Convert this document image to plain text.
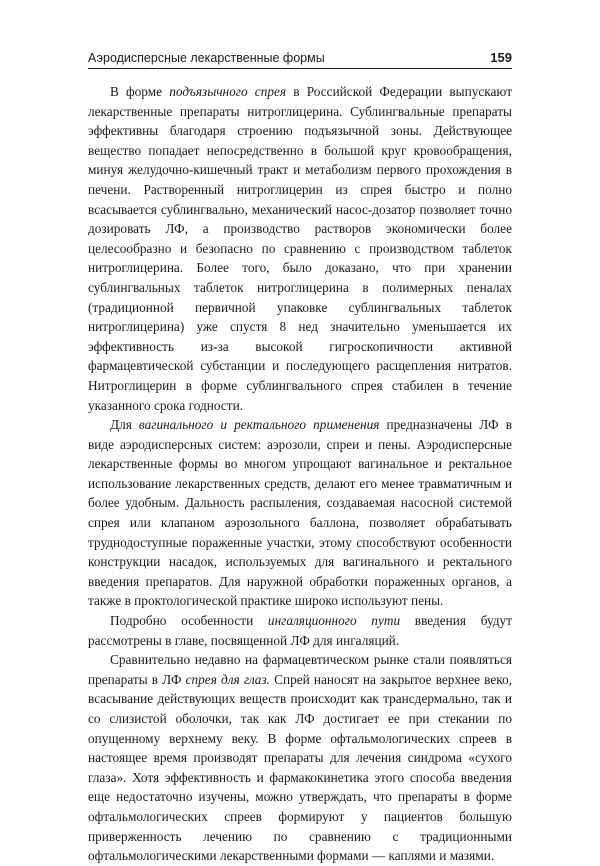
Аэродисперсные лекарственные формы	159

В форме подъязычного спрея в Российской Федерации выпускают лекарственные препараты нитроглицерина. Сублингвальные препараты эффективны благодаря строению подъязычной зоны. Действующее вещество попадает непосредственно в большой круг кровообращения, минуя желудочно-кишечный тракт и метаболизм первого прохождения в печени. Растворенный нитроглицерин из спрея быстро и полно всасывается сублингвально, механический насос-дозатор позволяет точно дозировать ЛФ, а производство растворов экономически более целесообразно и безопасно по сравнению с производством таблеток нитроглицерина. Более того, было доказано, что при хранении сублингвальных таблеток нитроглицерина в полимерных пеналах (традиционной первичной упаковке сублингвальных таблеток нитроглицерина) уже спустя 8 нед значительно уменьшается их эффективность из-за высокой гигроскопичности активной фармацевтической субстанции и последующего расщепления нитратов. Нитроглицерин в форме сублингвального спрея стабилен в течение указанного срока годности.

Для вагинального и ректального применения предназначены ЛФ в виде аэродисперсных систем: аэрозоли, спреи и пены. Аэродисперсные лекарственные формы во многом упрощают вагинальное и ректальное использование лекарственных средств, делают его менее травматичным и более удобным. Дальность распыления, создаваемая насосной системой спрея или клапаном аэрозольного баллона, позволяет обрабатывать труднодоступные пораженные участки, этому способствуют особенности конструкции насадок, используемых для вагинального и ректального введения препаратов. Для наружной обработки пораженных органов, а также в проктологической практике широко используют пены.

Подробно особенности ингаляционного пути введения будут рассмотрены в главе, посвященной ЛФ для ингаляций.

Сравнительно недавно на фармацевтическом рынке стали появляться препараты в ЛФ спрея для глаз. Спрей наносят на закрытое верхнее веко, всасывание действующих веществ происходит как трансдермально, так и со слизистой оболочки, так как ЛФ достигает ее при стекании по опущенному верхнему веку. В форме офтальмологических спреев в настоящее время производят препараты для лечения синдрома «сухого глаза». Хотя эффективность и фармакокинетика этого способа введения еще недостаточно изучены, можно утверждать, что препараты в форме офтальмологических спреев формируют у пациентов большую приверженность лечению по сравнению с традиционными офтальмологическими лекарственными формами — каплями и мазями.
